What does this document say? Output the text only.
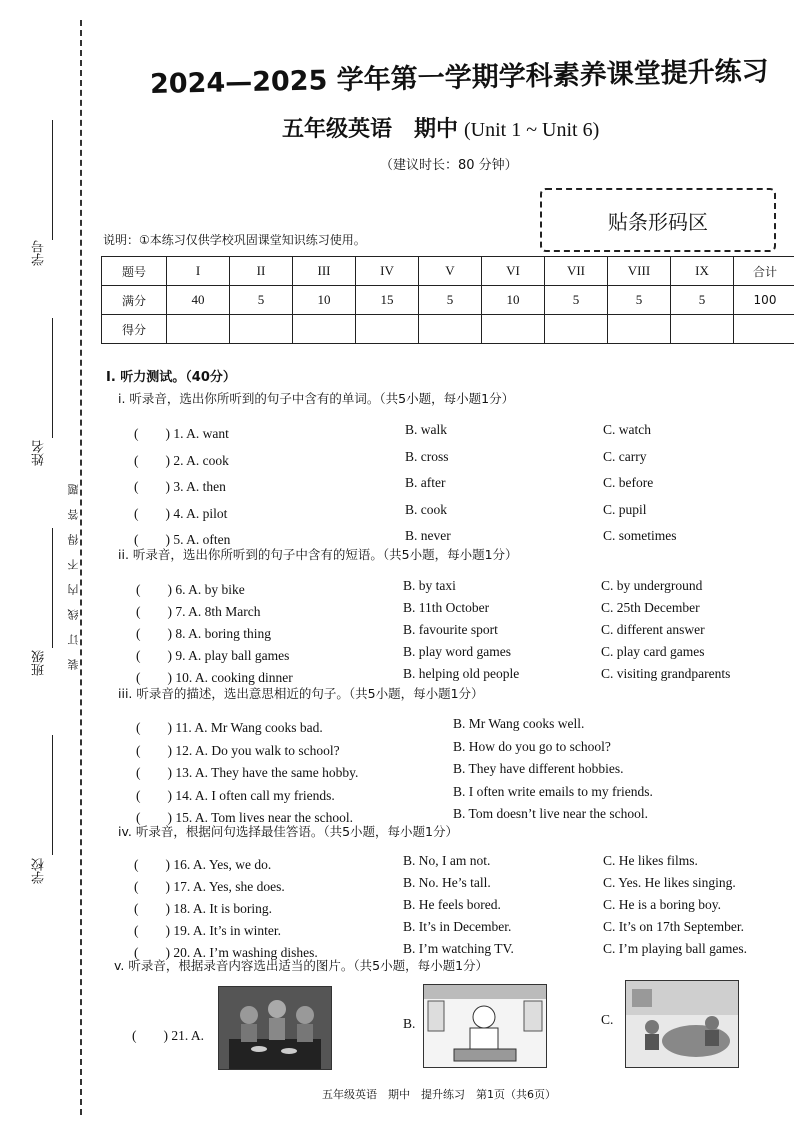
学号
姓名
班级
学校
装订线内不得答题
2024—2025 学年第一学期学科素养课堂提升练习
五年级英语　期中 (Unit 1 ~ Unit 6)
（建议时长：80 分钟）
贴条形码区
说明：①本练习仅供学校巩固课堂知识练习使用。
题号	I	II	III	IV	V	VI	VII	VIII	IX	合计
满分	40	5	10	15	5	10	5	5	5	100
得分										
I. 听力测试。（40分）
i. 听录音，选出你所听到的句子中含有的单词。（共5小题，每小题1分）
(　　) 1. A. want	B. walk	C. watch
(　　) 2. A. cook	B. cross	C. carry
(　　) 3. A. then	B. after	C. before
(　　) 4. A. pilot	B. cook	C. pupil
(　　) 5. A. often	B. never	C. sometimes
ii. 听录音，选出你所听到的句子中含有的短语。（共5小题，每小题1分）
(　　) 6. A. by bike	B. by taxi	C. by underground
(　　) 7. A. 8th March	B. 11th October	C. 25th December
(　　) 8. A. boring thing	B. favourite sport	C. different answer
(　　) 9. A. play ball games	B. play word games	C. play card games
(　　) 10. A. cooking dinner	B. helping old people	C. visiting grandparents
iii. 听录音的描述，选出意思相近的句子。（共5小题，每小题1分）
(　　) 11. A. Mr Wang cooks bad.	B. Mr Wang cooks well.
(　　) 12. A. Do you walk to school?	B. How do you go to school?
(　　) 13. A. They have the same hobby.	B. They have different hobbies.
(　　) 14. A. I often call my friends.	B. I often write emails to my friends.
(　　) 15. A. Tom lives near the school.	B. Tom doesn’t live near the school.
iv. 听录音，根据问句选择最佳答语。（共5小题，每小题1分）
(　　) 16. A. Yes, we do.	B. No, I am not.	C. He likes films.
(　　) 17. A. Yes, she does.	B. No. He’s tall.	C. Yes. He likes singing.
(　　) 18. A. It is boring.	B. He feels bored.	C. He is a boring boy.
(　　) 19. A. It’s in winter.	B. It’s in December.	C. It’s on 17th September.
(　　) 20. A. I’m washing dishes.	B. I’m watching TV.	C. I’m playing ball games.
v. 听录音，根据录音内容选出适当的图片。（共5小题，每小题1分）
(　　) 21. A.
B.	C.
五年级英语　期中　提升练习　第1页（共6页）
